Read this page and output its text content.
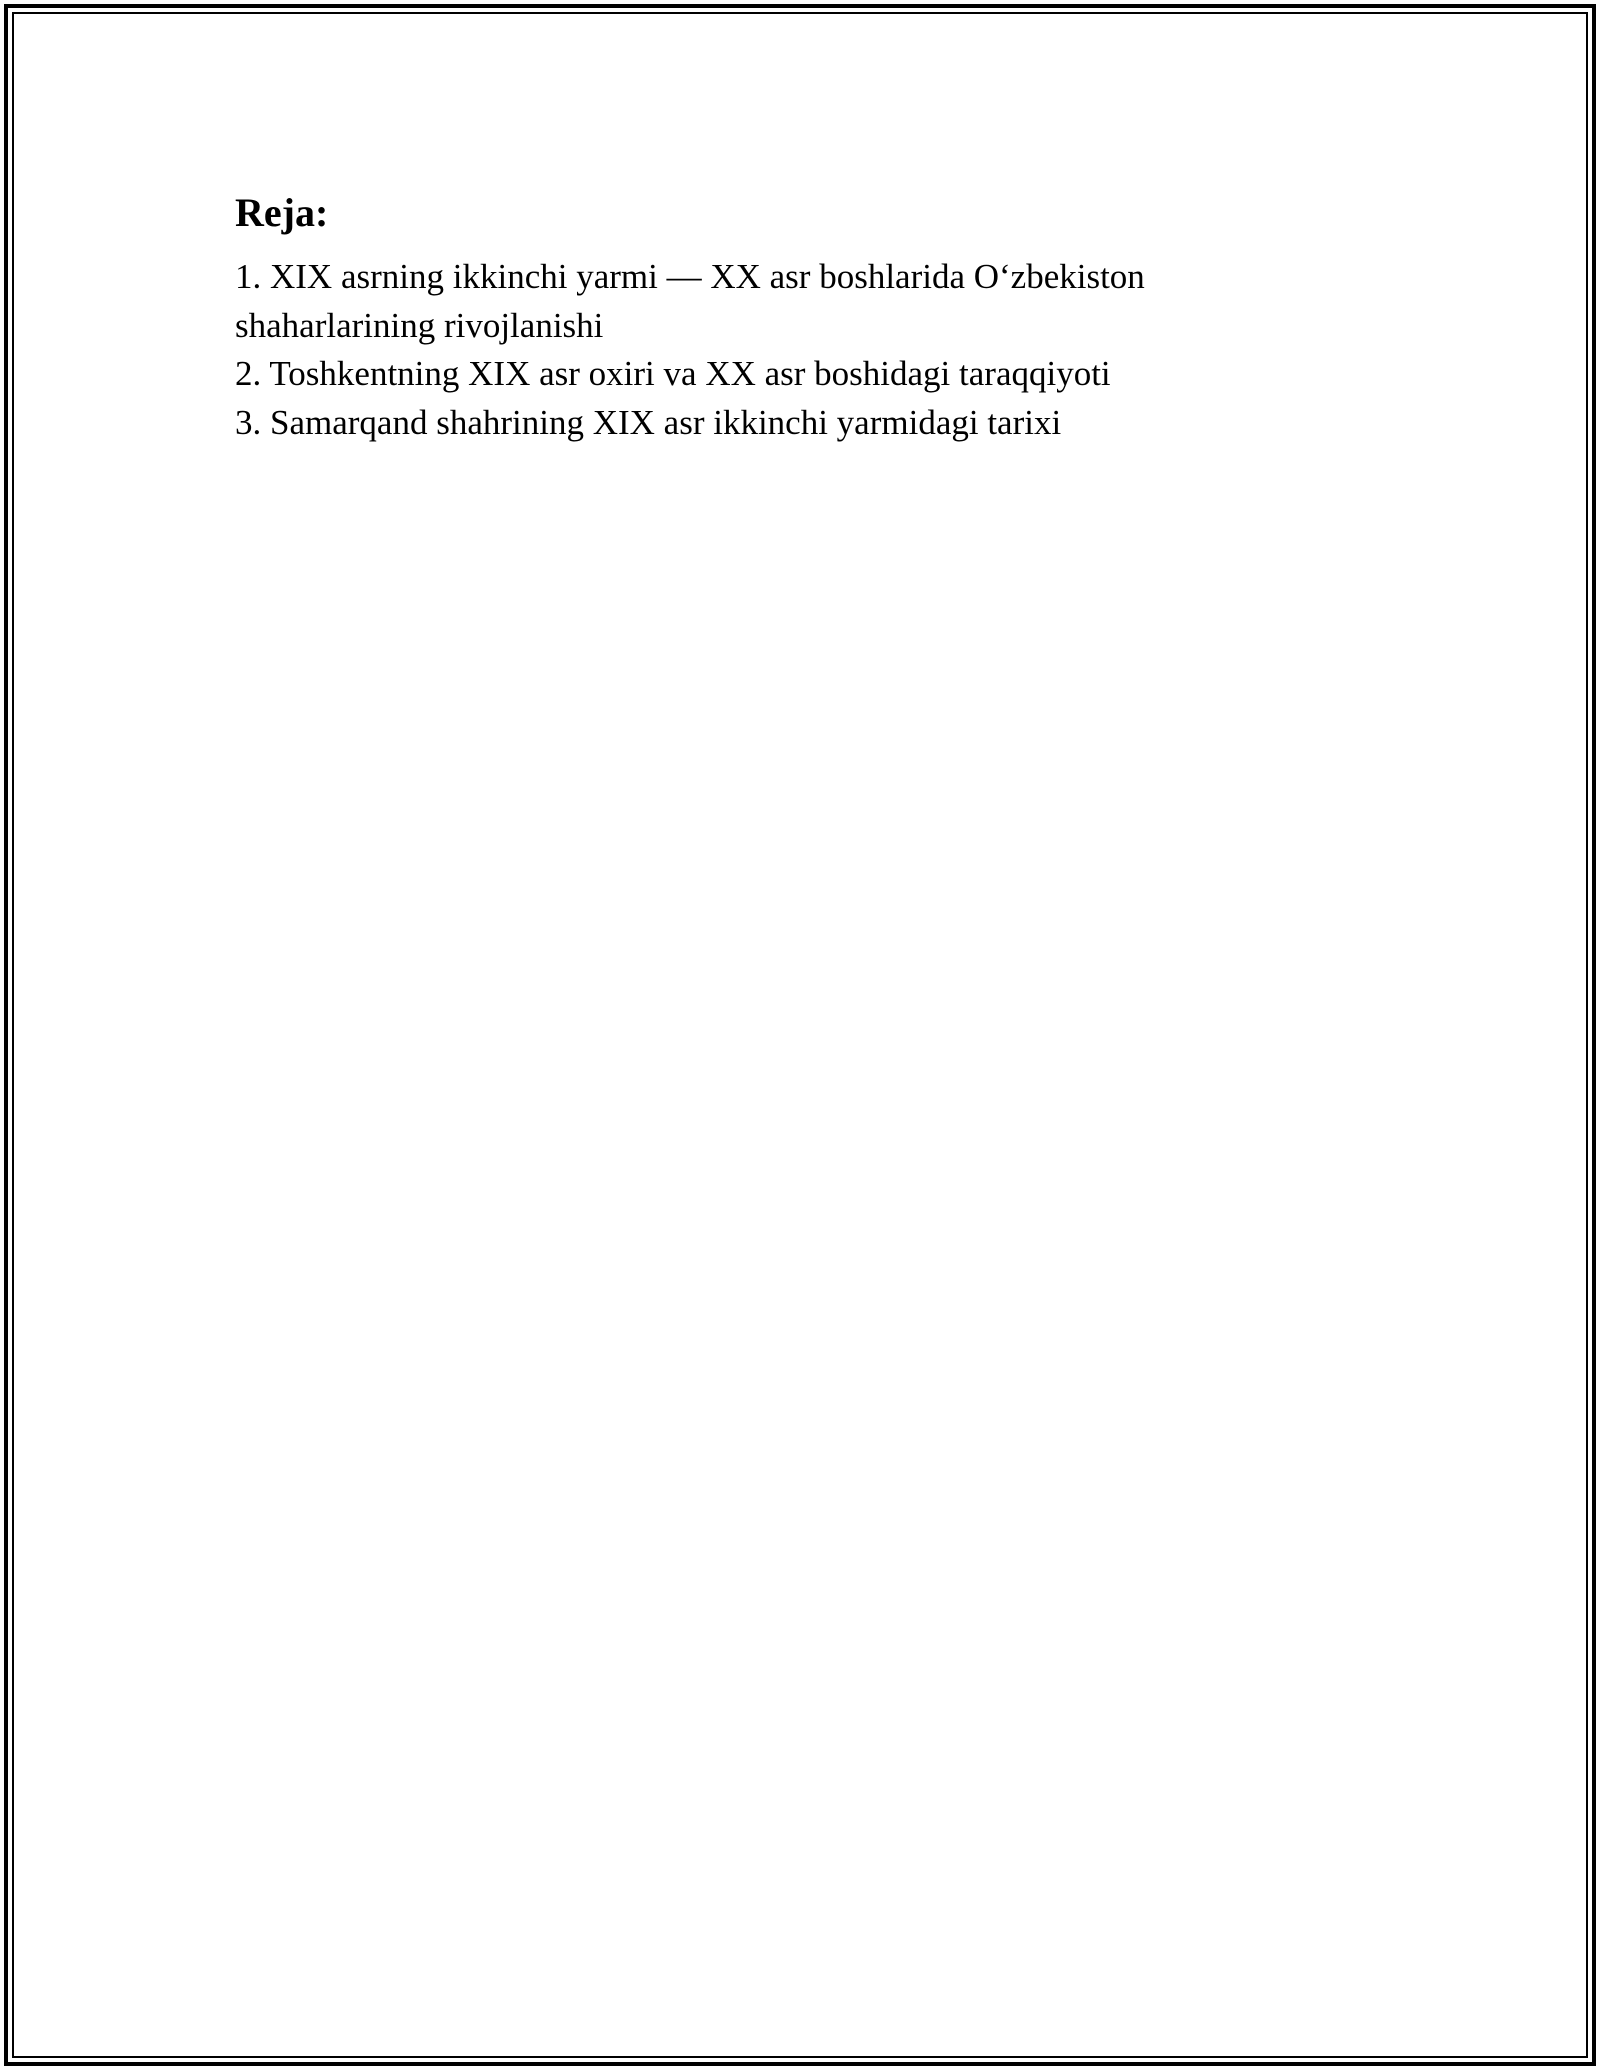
Reja:
1. XIX asrning ikkinchi yarmi — XX asr boshlarida O‘zbekiston shaharlarining rivojlanishi
2. Toshkentning XIX asr oxiri va XX asr boshidagi taraqqiyoti
3. Samarqand shahrining XIX asr ikkinchi yarmidagi tarixi
